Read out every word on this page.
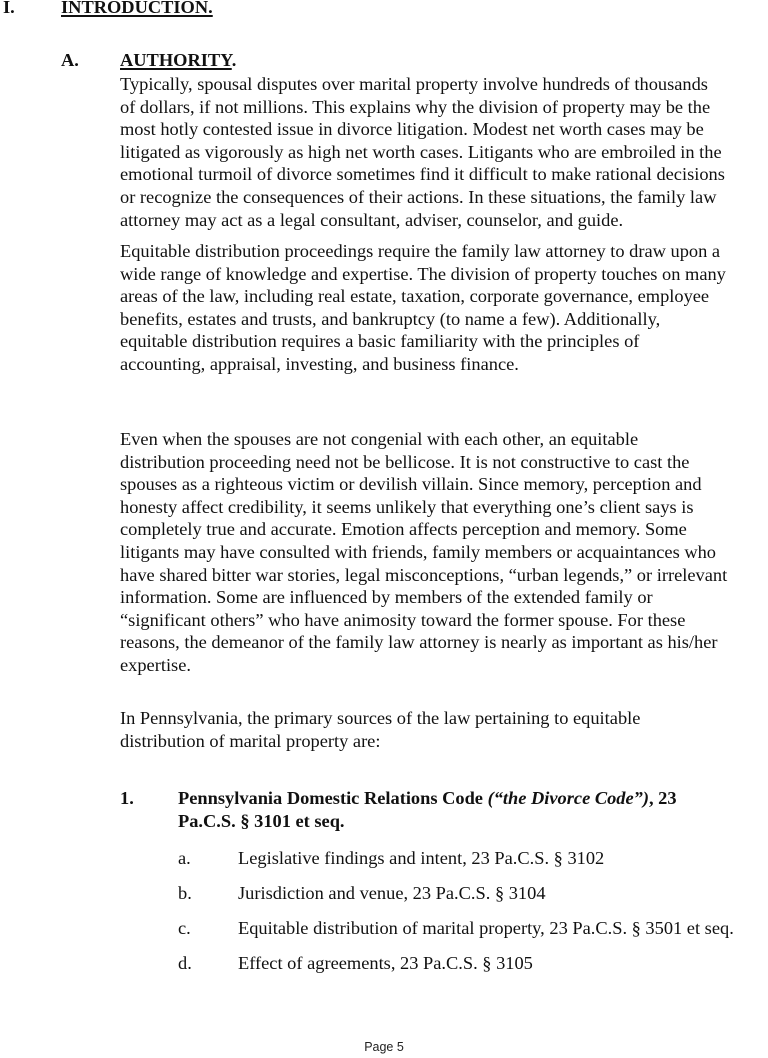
I.	INTRODUCTION.
A. AUTHORITY.
Typically, spousal disputes over marital property involve hundreds of thousands
of dollars, if not millions. This explains why the division of property may be the
most hotly contested issue in divorce litigation. Modest net worth cases may be
litigated as vigorously as high net worth cases. Litigants who are embroiled in the
emotional turmoil of divorce sometimes find it difficult to make rational decisions
or recognize the consequences of their actions. In these situations, the family law
attorney may act as a legal consultant, adviser, counselor, and guide.
Equitable distribution proceedings require the family law attorney to draw upon a
wide range of knowledge and expertise. The division of property touches on many
areas of the law, including real estate, taxation, corporate governance, employee
benefits, estates and trusts, and bankruptcy (to name a few). Additionally,
equitable distribution requires a basic familiarity with the principles of
accounting, appraisal, investing, and business finance.
Even when the spouses are not congenial with each other, an equitable
distribution proceeding need not be bellicose. It is not constructive to cast the
spouses as a righteous victim or devilish villain. Since memory, perception and
honesty affect credibility, it seems unlikely that everything one’s client says is
completely true and accurate. Emotion affects perception and memory. Some
litigants may have consulted with friends, family members or acquaintances who
have shared bitter war stories, legal misconceptions, “urban legends,” or irrelevant
information. Some are influenced by members of the extended family or
“significant others” who have animosity toward the former spouse. For these
reasons, the demeanor of the family law attorney is nearly as important as his/her
expertise.
In Pennsylvania, the primary sources of the law pertaining to equitable
distribution of marital property are:
1. Pennsylvania Domestic Relations Code (“the Divorce Code”), 23
Pa.C.S. § 3101 et seq.
a.	Legislative findings and intent, 23 Pa.C.S. § 3102
b.	Jurisdiction and venue, 23 Pa.C.S. § 3104
c.	Equitable distribution of marital property, 23 Pa.C.S. § 3501 et seq.
d.	Effect of agreements, 23 Pa.C.S. § 3105
Page 5
